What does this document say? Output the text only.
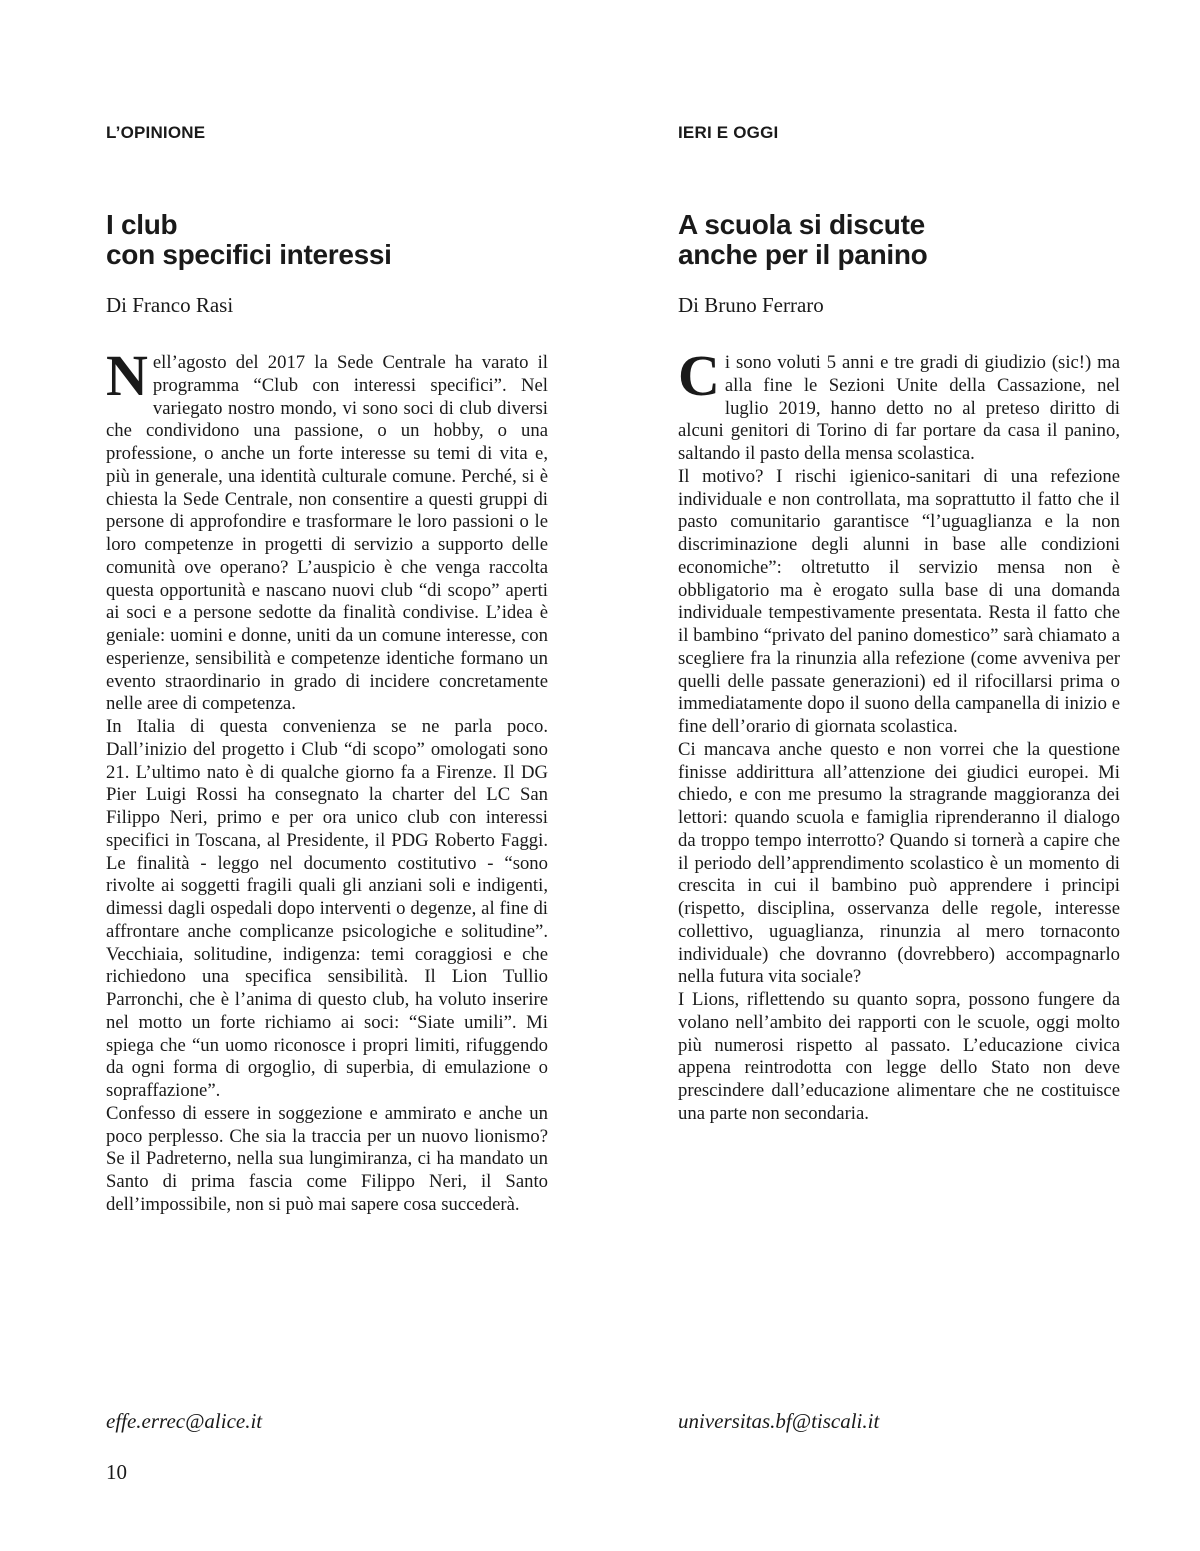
L’OPINIONE
I club
con specifici interessi
Di Franco Rasi

Nell’agosto del 2017 la Sede Centrale ha varato il programma “Club con interessi specifici”. Nel variegato nostro mondo, vi sono soci di club diversi che condividono una passione, o un hobby, o una professione, o anche un forte interesse su temi di vita e, più in generale, una identità culturale comune. Perché, si è chiesta la Sede Centrale, non consentire a questi gruppi di persone di approfondire e trasformare le loro passioni o le loro competenze in progetti di servizio a supporto delle comunità ove operano? L’auspicio è che venga raccolta questa opportunità e nascano nuovi club “di scopo” aperti ai soci e a persone sedotte da finalità condivise. L’idea è geniale: uomini e donne, uniti da un comune interesse, con esperienze, sensibilità e competenze identiche formano un evento straordinario in grado di incidere concretamente nelle aree di competenza.

In Italia di questa convenienza se ne parla poco. Dall’inizio del progetto i Club “di scopo” omologati sono 21. L’ultimo nato è di qualche giorno fa a Firenze. Il DG Pier Luigi Rossi ha consegnato la charter del LC San Filippo Neri, primo e per ora unico club con interessi specifici in Toscana, al Presidente, il PDG Roberto Faggi. Le finalità - leggo nel documento costitutivo - “sono rivolte ai soggetti fragili quali gli anziani soli e indigenti, dimessi dagli ospedali dopo interventi o degenze, al fine di affrontare anche complicanze psicologiche e solitudine”. Vecchiaia, solitudine, indigenza: temi coraggiosi e che richiedono una specifica sensibilità. Il Lion Tullio Parronchi, che è l’anima di questo club, ha voluto inserire nel motto un forte richiamo ai soci: “Siate umili”. Mi spiega che “un uomo riconosce i propri limiti, rifuggendo da ogni forma di orgoglio, di superbia, di emulazione o sopraffazione”.

Confesso di essere in soggezione e ammirato e anche un poco perplesso. Che sia la traccia per un nuovo lionismo? Se il Padreterno, nella sua lungimiranza, ci ha mandato un Santo di prima fascia come Filippo Neri, il Santo dell’impossibile, non si può mai sapere cosa succederà.

effe.errec@alice.it
IERI E OGGI
A scuola si discute
anche per il panino
Di Bruno Ferraro

Ci sono voluti 5 anni e tre gradi di giudizio (sic!) ma alla fine le Sezioni Unite della Cassazione, nel luglio 2019, hanno detto no al preteso diritto di alcuni genitori di Torino di far portare da casa il panino, saltando il pasto della mensa scolastica.

Il motivo? I rischi igienico-sanitari di una refezione individuale e non controllata, ma soprattutto il fatto che il pasto comunitario garantisce “l’uguaglianza e la non discriminazione degli alunni in base alle condizioni economiche”: oltretutto il servizio mensa non è obbligatorio ma è erogato sulla base di una domanda individuale tempestivamente presentata. Resta il fatto che il bambino “privato del panino domestico” sarà chiamato a scegliere fra la rinunzia alla refezione (come avveniva per quelli delle passate generazioni) ed il rifocillarsi prima o immediatamente dopo il suono della campanella di inizio e fine dell’orario di giornata scolastica.

Ci mancava anche questo e non vorrei che la questione finisse addirittura all’attenzione dei giudici europei. Mi chiedo, e con me presumo la stragrande maggioranza dei lettori: quando scuola e famiglia riprenderanno il dialogo da troppo tempo interrotto? Quando si tornerà a capire che il periodo dell’apprendimento scolastico è un momento di crescita in cui il bambino può apprendere i principi (rispetto, disciplina, osservanza delle regole, interesse collettivo, uguaglianza, rinunzia al mero tornaconto individuale) che dovranno (dovrebbero) accompagnarlo nella futura vita sociale?

I Lions, riflettendo su quanto sopra, possono fungere da volano nell’ambito dei rapporti con le scuole, oggi molto più numerosi rispetto al passato. L’educazione civica appena reintrodotta con legge dello Stato non deve prescindere dall’educazione alimentare che ne costituisce una parte non secondaria.

universitas.bf@tiscali.it
10
